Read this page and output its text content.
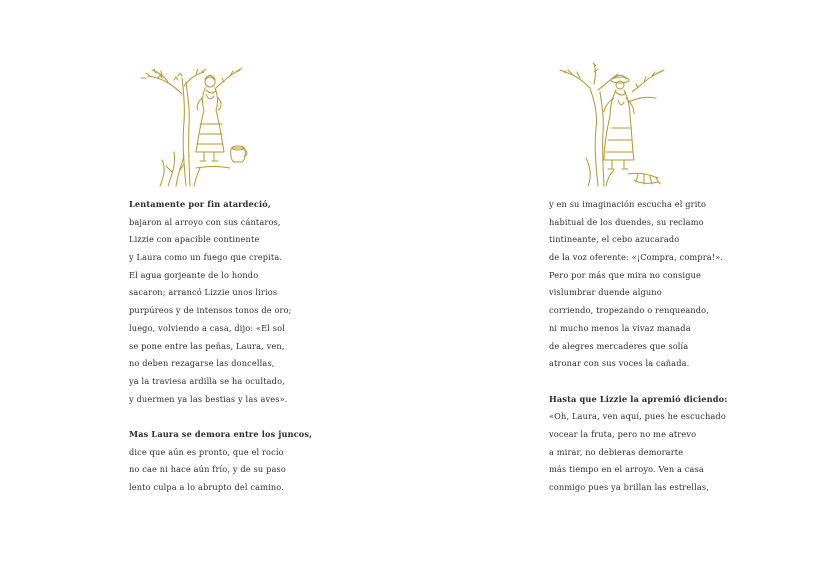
Lentamente por fin atardeció,
bajaron al arroyo con sus cántaros,
Lizzie con apacible continente
y Laura como un fuego que crepita.
El agua gorjeante de lo hondo
sacaron; arrancó Lizzie unos lirios
purpúreos y de intensos tonos de oro;
luego, volviendo a casa, dijo: «El sol
se pone entre las peñas, Laura, ven,
no deben rezagarse las doncellas,
ya la traviesa ardilla se ha ocultado,
y duermen ya las bestias y las aves».
Mas Laura se demora entre los juncos,
dice que aún es pronto, que el rocío
no cae ni hace aún frío, y de su paso
lento culpa a lo abrupto del camino.
y en su imaginación escucha el grito
habitual de los duendes, su reclamo
tintineante, el cebo azucarado
de la voz oferente: «¡Compra, compra!».
Pero por más que mira no consigue
vislumbrar duende alguno
corriendo, tropezando o renqueando,
ni mucho menos la vivaz manada
de alegres mercaderes que solía
atronar con sus voces la cañada.
Hasta que Lizzie la apremió diciendo:
«Oh, Laura, ven aquí, pues he escuchado
vocear la fruta, pero no me atrevo
a mirar, no debieras demorarte
más tiempo en el arroyo. Ven a casa
conmigo pues ya brillan las estrellas,
